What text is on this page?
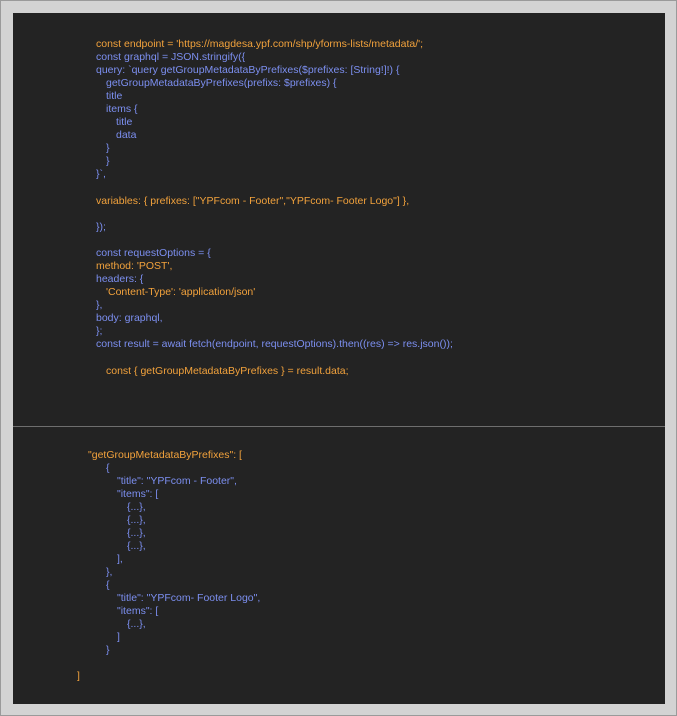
const endpoint = 'https://magdesa.ypf.com/shp/yforms-lists/metadata/';
const graphql = JSON.stringify({
query: `query getGroupMetadataByPrefixes($prefixes: [String!]!) {
getGroupMetadataByPrefixes(prefixs: $prefixes) {
title
items {
title
data
}
}
}`,
variables: { prefixes: ["YPFcom - Footer","YPFcom- Footer Logo"] },
});
const requestOptions = {
method: 'POST',
headers: {
'Content-Type': 'application/json'
},
body: graphql,
};
const result = await fetch(endpoint, requestOptions).then((res) => res.json());
const { getGroupMetadataByPrefixes } = result.data;
"getGroupMetadataByPrefixes": [
{
"title": "YPFcom - Footer",
"items": [
{...},
{...},
{...},
{...},
],
},
{
"title": "YPFcom- Footer Logo",
"items": [
{...},
]
}
]
